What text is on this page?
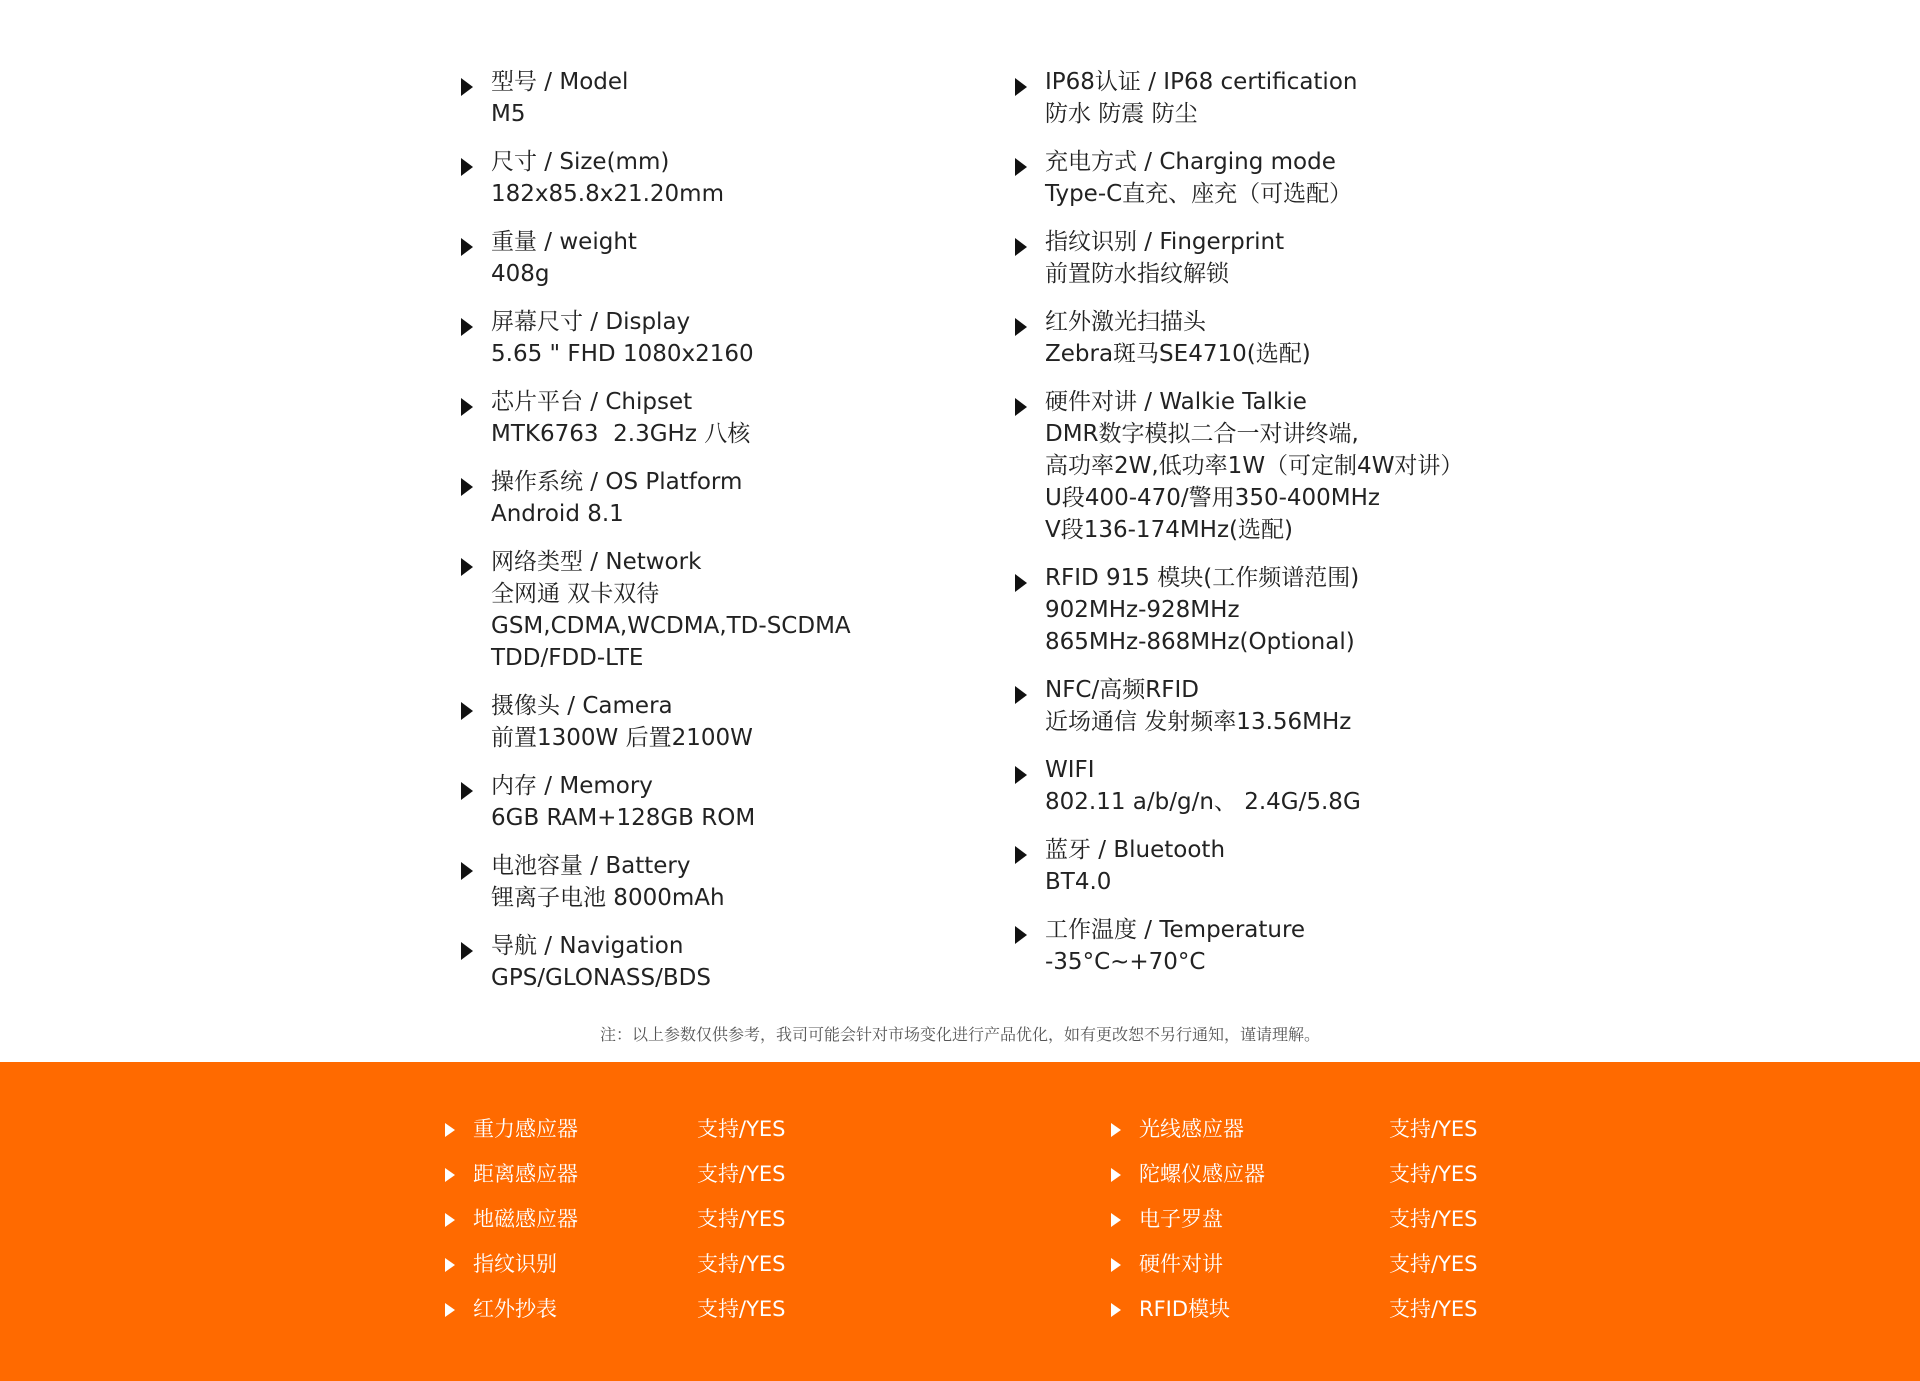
型号 / Model
M5
尺寸 / Size(mm)
182x85.8x21.20mm
重量 / weight
408g
屏幕尺寸 / Display
5.65 " FHD 1080x2160
芯片平台 / Chipset
MTK6763  2.3GHz 八核
操作系统 / OS Platform
Android 8.1
网络类型 / Network
全网通 双卡双待
GSM,CDMA,WCDMA,TD-SCDMA
TDD/FDD-LTE
摄像头 / Camera
前置1300W 后置2100W
内存 / Memory
6GB RAM+128GB ROM
电池容量 / Battery
锂离子电池 8000mAh
导航 / Navigation
GPS/GLONASS/BDS
IP68认证 / IP68 certification
防水 防震 防尘
充电方式 / Charging mode
Type-C直充、座充（可选配）
指纹识别 / Fingerprint
前置防水指纹解锁
红外激光扫描头
Zebra斑马SE4710(选配)
硬件对讲 / Walkie Talkie
DMR数字模拟二合一对讲终端,
高功率2W,低功率1W（可定制4W对讲）
U段400-470/警用350-400MHz
V段136-174MHz(选配)
RFID 915 模块(工作频谱范围)
902MHz-928MHz
865MHz-868MHz(Optional)
NFC/高频RFID
近场通信 发射频率13.56MHz
WIFI
802.11 a/b/g/n、 2.4G/5.8G
蓝牙 / Bluetooth
BT4.0
工作温度 / Temperature
-35°C~+70°C
注：以上参数仅供参考，我司可能会针对市场变化进行产品优化，如有更改恕不另行通知，谨请理解。
重力感应器	支持/YES
距离感应器	支持/YES
地磁感应器	支持/YES
指纹识别	支持/YES
红外抄表	支持/YES
光线感应器	支持/YES
陀螺仪感应器	支持/YES
电子罗盘	支持/YES
硬件对讲	支持/YES
RFID模块	支持/YES
